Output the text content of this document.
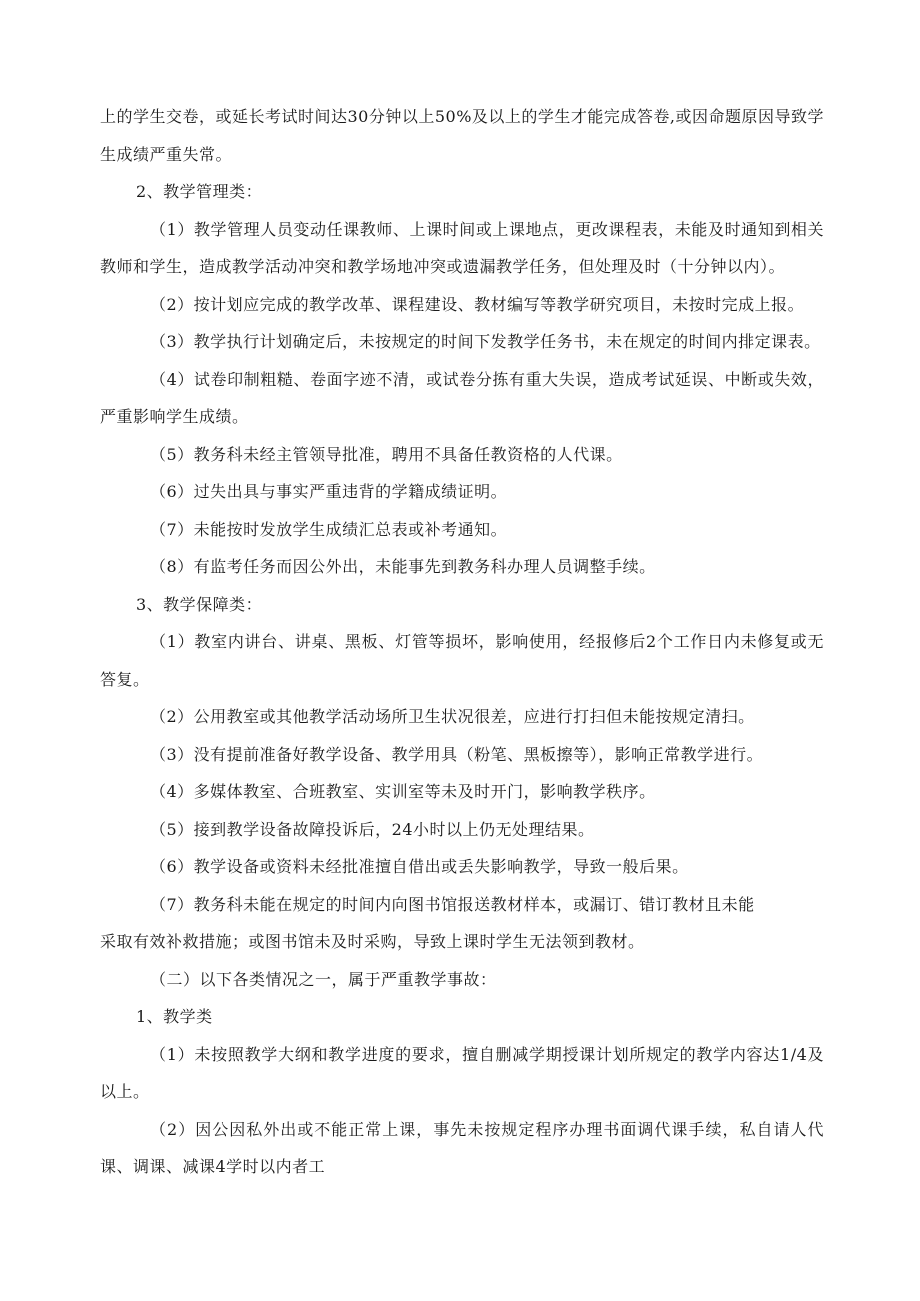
上的学生交卷，或延长考试时间达30分钟以上50%及以上的学生才能完成答卷,或因命题原因导致学生成绩严重失常。

2、教学管理类：

（1）教学管理人员变动任课教师、上课时间或上课地点，更改课程表，未能及时通知到相关教师和学生，造成教学活动冲突和教学场地冲突或遗漏教学任务，但处理及时（十分钟以内）。

（2）按计划应完成的教学改革、课程建设、教材编写等教学研究项目，未按时完成上报。

（3）教学执行计划确定后，未按规定的时间下发教学任务书，未在规定的时间内排定课表。

（4）试卷印制粗糙、卷面字迹不清，或试卷分拣有重大失误，造成考试延误、中断或失效，严重影响学生成绩。

（5）教务科未经主管领导批准，聘用不具备任教资格的人代课。

（6）过失出具与事实严重违背的学籍成绩证明。

（7）未能按时发放学生成绩汇总表或补考通知。

（8）有监考任务而因公外出，未能事先到教务科办理人员调整手续。

3、教学保障类：

（1）教室内讲台、讲桌、黑板、灯管等损坏，影响使用，经报修后2个工作日内未修复或无答复。

（2）公用教室或其他教学活动场所卫生状况很差，应进行打扫但未能按规定清扫。

（3）没有提前准备好教学设备、教学用具（粉笔、黑板擦等），影响正常教学进行。

（4）多媒体教室、合班教室、实训室等未及时开门，影响教学秩序。

（5）接到教学设备故障投诉后，24小时以上仍无处理结果。

（6）教学设备或资料未经批准擅自借出或丢失影响教学，导致一般后果。

（7）教务科未能在规定的时间内向图书馆报送教材样本，或漏订、错订教材且未能

采取有效补救措施；或图书馆未及时采购，导致上课时学生无法领到教材。

（二）以下各类情况之一，属于严重教学事故：

1、教学类

（1）未按照教学大纲和教学进度的要求，擅自删减学期授课计划所规定的教学内容达1/4及以上。

（2）因公因私外出或不能正常上课，事先未按规定程序办理书面调代课手续，私自请人代课、调课、减课4学时以内者工
